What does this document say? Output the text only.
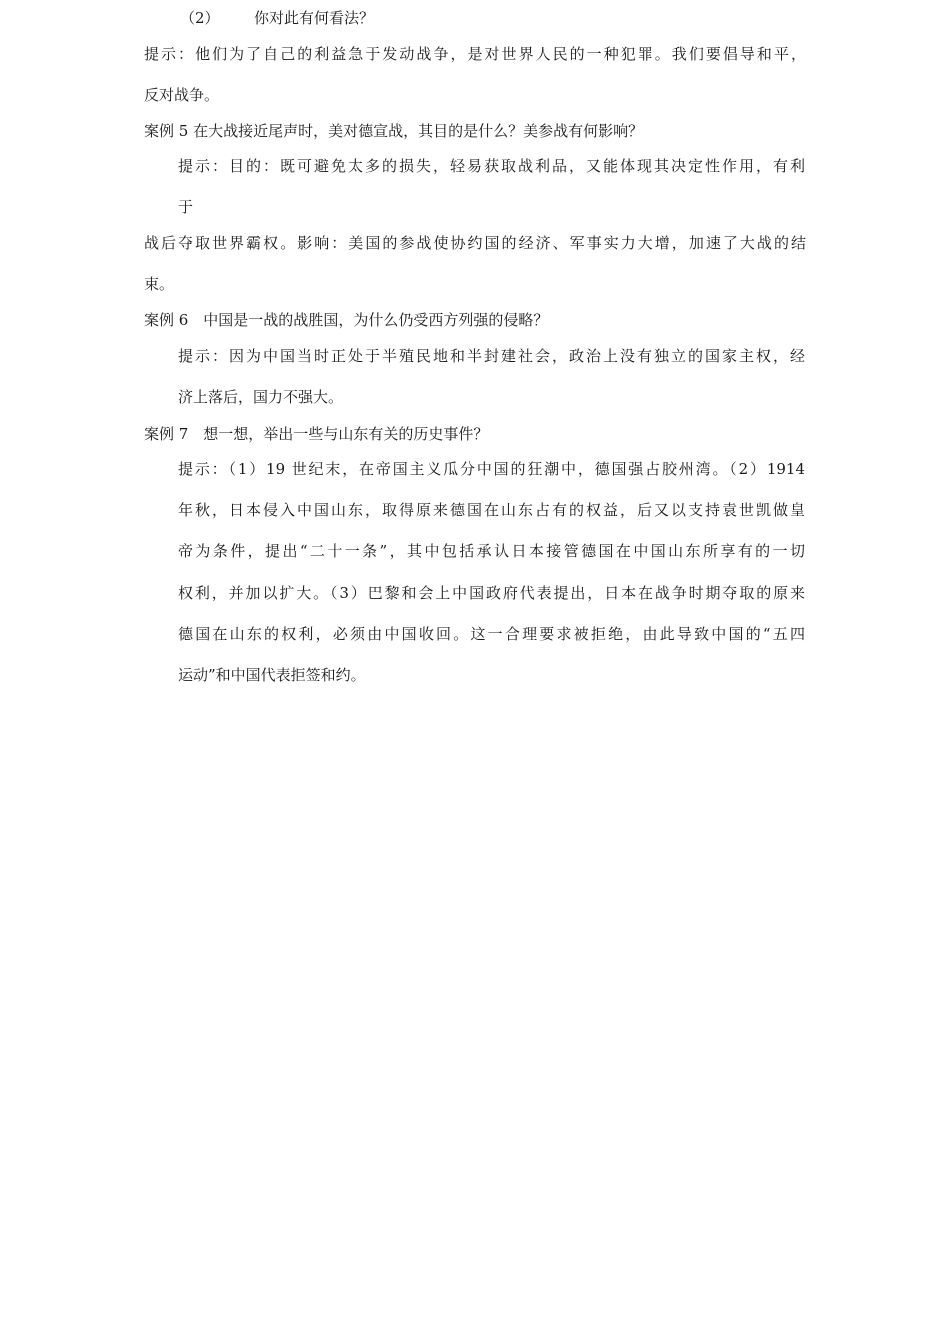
（2） 你对此有何看法？
提示：他们为了自己的利益急于发动战争，是对世界人民的一种犯罪。我们要倡导和平，
反对战争。
案例 5 在大战接近尾声时，美对德宣战，其目的是什么？美参战有何影响？
提示：目的：既可避免太多的损失，轻易获取战利品，又能体现其决定性作用，有利
于
战后夺取世界霸权。影响：美国的参战使协约国的经济、军事实力大增，加速了大战的结
束。
案例 6　中国是一战的战胜国，为什么仍受西方列强的侵略？
提示：因为中国当时正处于半殖民地和半封建社会，政治上没有独立的国家主权，经
济上落后，国力不强大。
案例 7　想一想，举出一些与山东有关的历史事件？
提示：（1）19 世纪末，在帝国主义瓜分中国的狂潮中，德国强占胶州湾。（2）1914
年秋，日本侵入中国山东，取得原来德国在山东占有的权益，后又以支持袁世凯做皇
帝为条件，提出“二十一条”，其中包括承认日本接管德国在中国山东所享有的一切
权利，并加以扩大。（3）巴黎和会上中国政府代表提出，日本在战争时期夺取的原来
德国在山东的权利，必须由中国收回。这一合理要求被拒绝，由此导致中国的“五四
运动”和中国代表拒签和约。
